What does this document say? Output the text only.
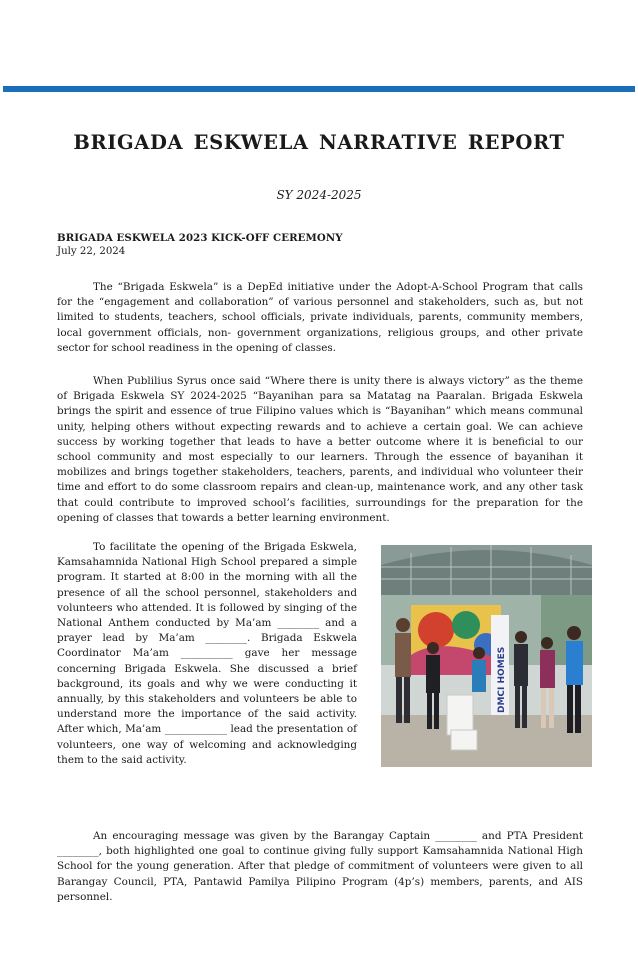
BRIGADA ESKWELA NARRATIVE REPORT
SY 2024-2025
BRIGADA ESKWELA 2023 KICK-OFF CEREMONY
July 22, 2024

The “Brigada Eskwela” is a DepEd initiative under the Adopt-A-School Program that calls for the “engagement and collaboration” of various personnel and stakeholders, such as, but not limited to students, teachers, school officials, private individuals, parents, community members, local government officials, non- government organizations, religious groups, and other private sector for school readiness in the opening of classes.

When Publilius Syrus once said “Where there is unity there is always victory” as the theme of Brigada Eskwela SY 2024-2025 “Bayanihan para sa Matatag na Paaralan. Brigada Eskwela brings the spirit and essence of true Filipino values which is “Bayanihan” which means communal unity, helping others without expecting rewards and to achieve a certain goal. We can achieve success by working together that leads to have a better outcome where it is beneficial to our school community and most especially to our learners. Through the essence of bayanihan it mobilizes and brings together stakeholders, teachers, parents, and individual who volunteer their time and effort to do some classroom repairs and clean-up, maintenance work, and any other task that could contribute to improved school’s facilities, surroundings for the preparation for the opening of classes that towards a better learning environment.

To facilitate the opening of the Brigada Eskwela, Kamsahamnida National High School prepared a simple program. It started at 8:00 in the morning with all the presence of all the school personnel, stakeholders and volunteers who attended. It is followed by singing of the National Anthem conducted by Ma’am ________ and a prayer lead by Ma’am ________. Brigada Eskwela Coordinator Ma’am __________ gave her message concerning Brigada Eskwela. She discussed a brief background, its goals and why we were conducting it annually, by this stakeholders and volunteers be able to understand more the importance of the said activity. After which, Ma’am ____________ lead the presentation of volunteers, one way of welcoming and acknowledging them to the said activity.

DMCI HOMES

An encouraging message was given by the Barangay Captain ________ and PTA President ________, both highlighted one goal to continue giving fully support Kamsahamnida National High School for the young generation. After that pledge of commitment of volunteers were given to all Barangay Council, PTA, Pantawid Pamilya Pilipino Program (4p’s) members, parents, and AIS personnel.
